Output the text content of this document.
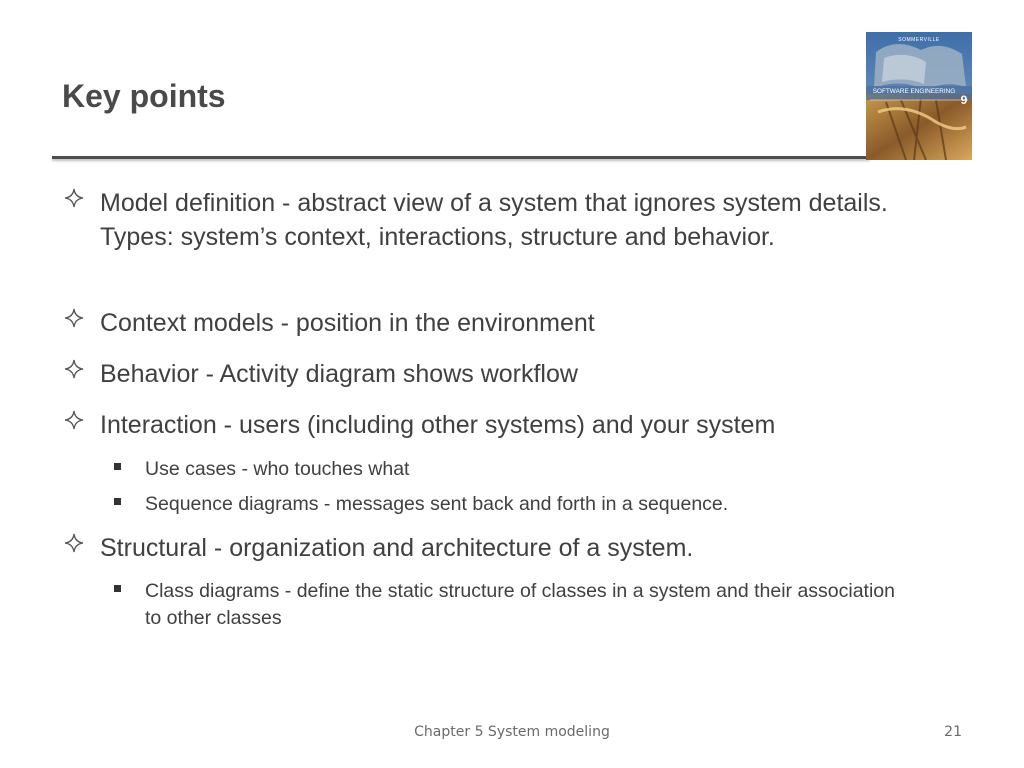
Key points
SOMMERVILLE
SOFTWARE ENGINEERING
9
Model definition - abstract view of a system that ignores system details. Types: system’s context, interactions, structure and behavior.
Context models - position in the environment
Behavior - Activity diagram shows workflow
Interaction - users (including other systems) and your system
Use cases - who touches what
Sequence diagrams - messages sent back and forth in a sequence.
Structural - organization and architecture of a system.
Class diagrams - define the static structure of classes in a system and their association to other classes
Chapter 5 System modeling	21
